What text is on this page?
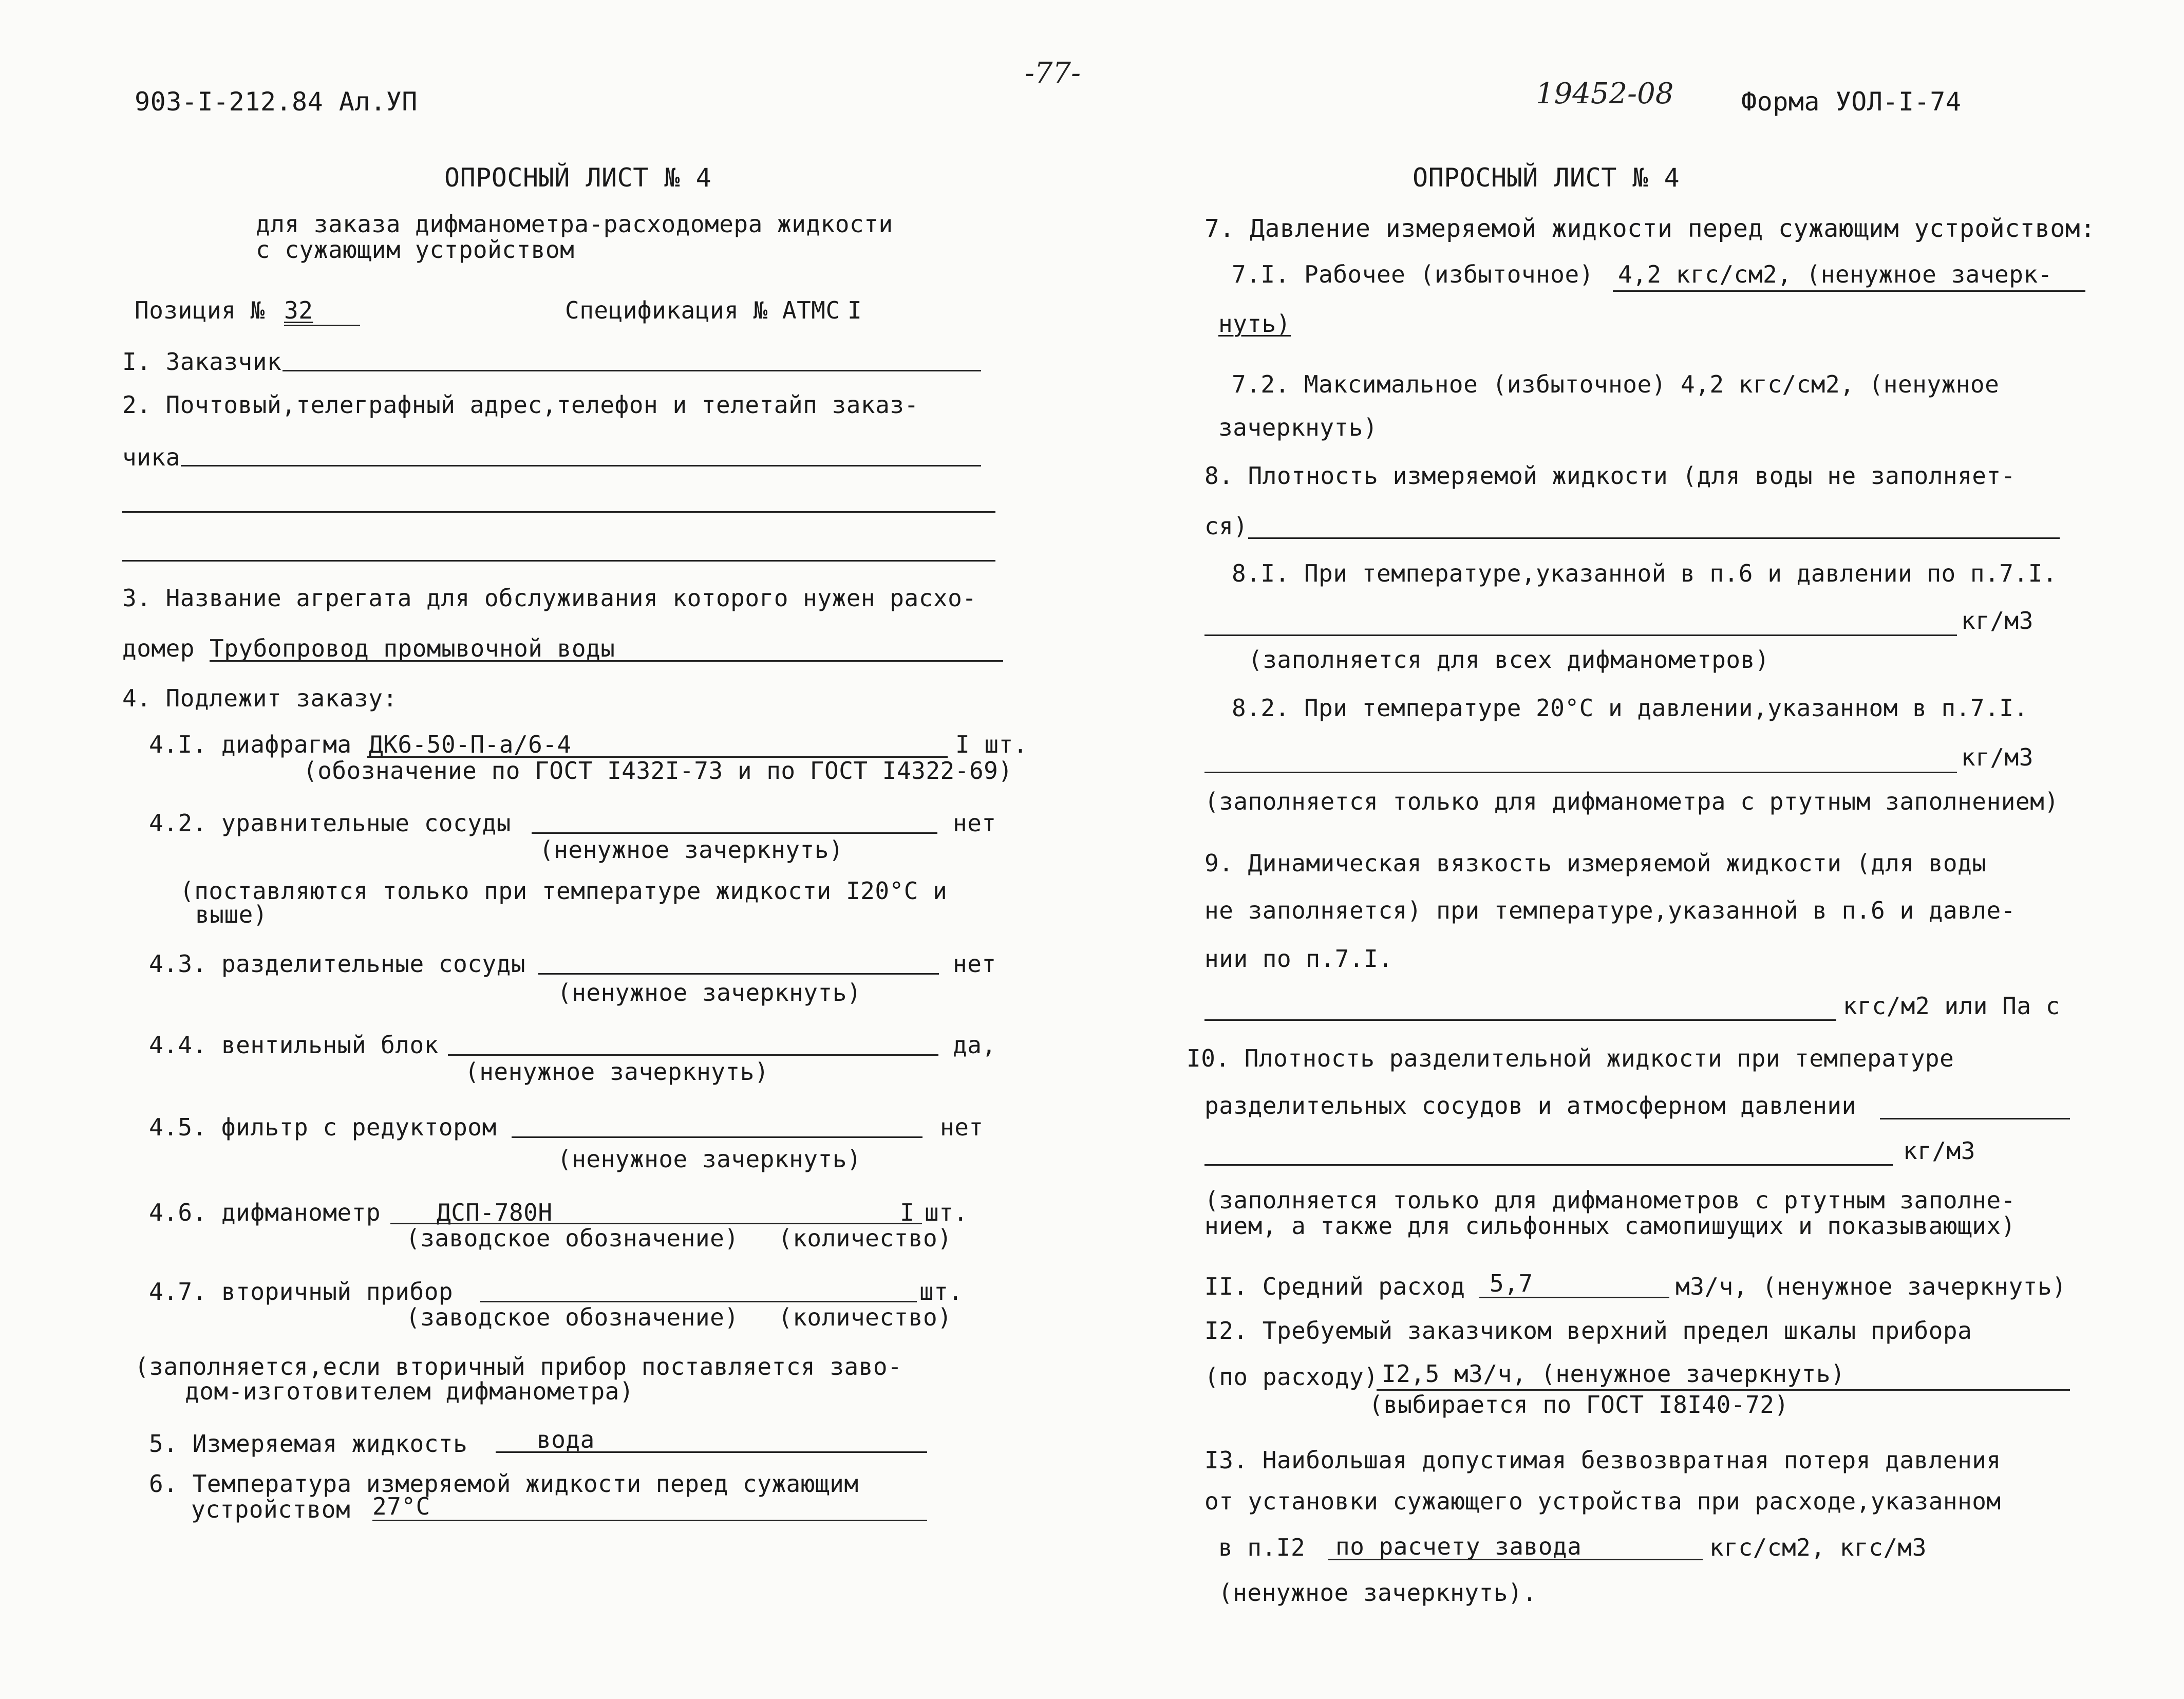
903-I-212.84 Ал.УП
-77-
19452-08	Форма УОЛ-I-74
ОПРОСНЫЙ ЛИСТ № 4
для заказа дифманометра-расходомера жидкости
с сужающим устройством
Позиция № 32	Спецификация № АТМС I
I. Заказчик
2. Почтовый,телеграфный адрес,телефон и телетайп заказ-
чика
3. Название агрегата для обслуживания которого нужен расхо-
домер Трубопровод промывочной воды
4. Подлежит заказу:
4.I. диафрагма ДК6-50-П-а/6-4	I шт.
(обозначение по ГОСТ I432I-73 и по ГОСТ I4322-69)
4.2. уравнительные сосуды	нет
(ненужное зачеркнуть)
(поставляются только при температуре жидкости I20°С и
выше)
4.3. разделительные сосуды	нет
(ненужное зачеркнуть)
4.4. вентильный блок	да,
(ненужное зачеркнуть)
4.5. фильтр с редуктором	нет
(ненужное зачеркнуть)
4.6. дифманометр ДСП-780Н	I шт.
(заводское обозначение) (количество)
4.7. вторичный прибор	шт.
(заводское обозначение) (количество)
(заполняется,если вторичный прибор поставляется заво-
дом-изготовителем дифманометра)
5. Измеряемая жидкость	вода
6. Температура измеряемой жидкости перед сужающим
устройством 27°С
ОПРОСНЫЙ ЛИСТ № 4
7. Давление измеряемой жидкости перед сужающим устройством:
7.I. Рабочее (избыточное) 4,2 кгс/см2, (ненужное зачерк-
нуть)
7.2. Максимальное (избыточное) 4,2 кгс/см2, (ненужное
зачеркнуть)
8. Плотность измеряемой жидкости (для воды не заполняет-
ся)
8.I. При температуре,указанной в п.6 и давлении по п.7.I.
кг/м3
(заполняется для всех дифманометров)
8.2. При температуре 20°С и давлении,указанном в п.7.I.
кг/м3
(заполняется только для дифманометра с ртутным заполнением)
9. Динамическая вязкость измеряемой жидкости (для воды
не заполняется) при температуре,указанной в п.6 и давле-
нии по п.7.I.
кгс/м2 или Па с
I0. Плотность разделительной жидкости при температуре
разделительных сосудов и атмосферном давлении
кг/м3
(заполняется только для дифманометров с ртутным заполне-
нием, а также для сильфонных самопишущих и показывающих)
II. Средний расход 5,7	м3/ч, (ненужное зачеркнуть)
I2. Требуемый заказчиком верхний предел шкалы прибора
(по расходу) I2,5 м3/ч, (ненужное зачеркнуть)
(выбирается по ГОСТ I8I40-72)
I3. Наибольшая допустимая безвозвратная потеря давления
от установки сужающего устройства при расходе,указанном
в п.I2 по расчету завода	кгс/см2, кгс/м3
(ненужное зачеркнуть).
